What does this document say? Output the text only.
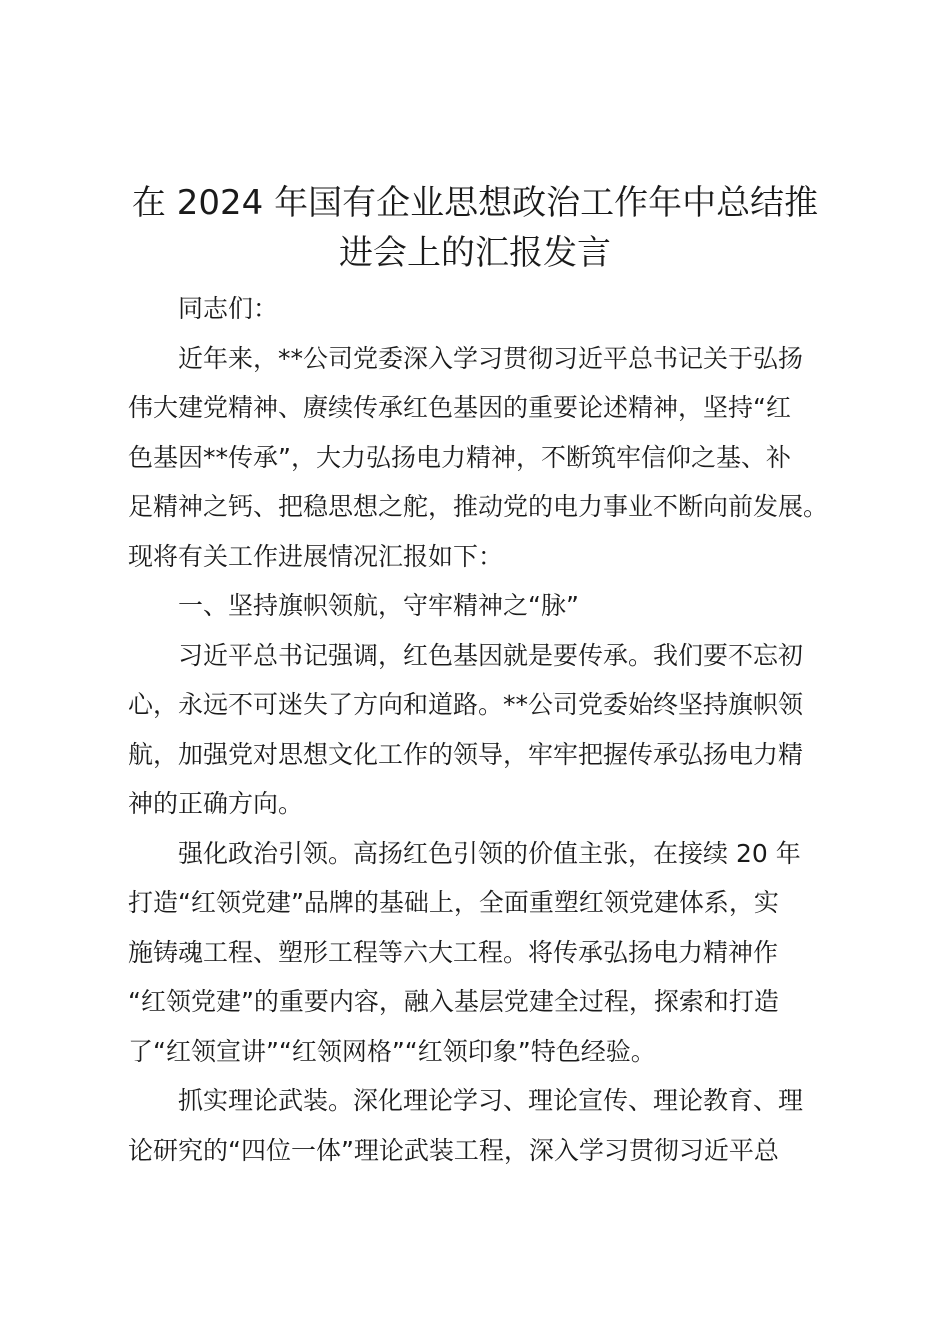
在 2024 年国有企业思想政治工作年中总结推
进会上的汇报发言
同志们：
近年来，**公司党委深入学习贯彻习近平总书记关于弘扬
伟大建党精神、赓续传承红色基因的重要论述精神，坚持“红
色基因**传承”，大力弘扬电力精神，不断筑牢信仰之基、补
足精神之钙、把稳思想之舵，推动党的电力事业不断向前发展。
现将有关工作进展情况汇报如下：
一、坚持旗帜领航，守牢精神之“脉”
习近平总书记强调，红色基因就是要传承。我们要不忘初
心，永远不可迷失了方向和道路。**公司党委始终坚持旗帜领
航，加强党对思想文化工作的领导，牢牢把握传承弘扬电力精
神的正确方向。
强化政治引领。高扬红色引领的价值主张，在接续 20 年
打造“红领党建”品牌的基础上，全面重塑红领党建体系，实
施铸魂工程、塑形工程等六大工程。将传承弘扬电力精神作
“红领党建”的重要内容，融入基层党建全过程，探索和打造
了“红领宣讲”“红领网格”“红领印象”特色经验。
抓实理论武装。深化理论学习、理论宣传、理论教育、理
论研究的“四位一体”理论武装工程，深入学习贯彻习近平总
